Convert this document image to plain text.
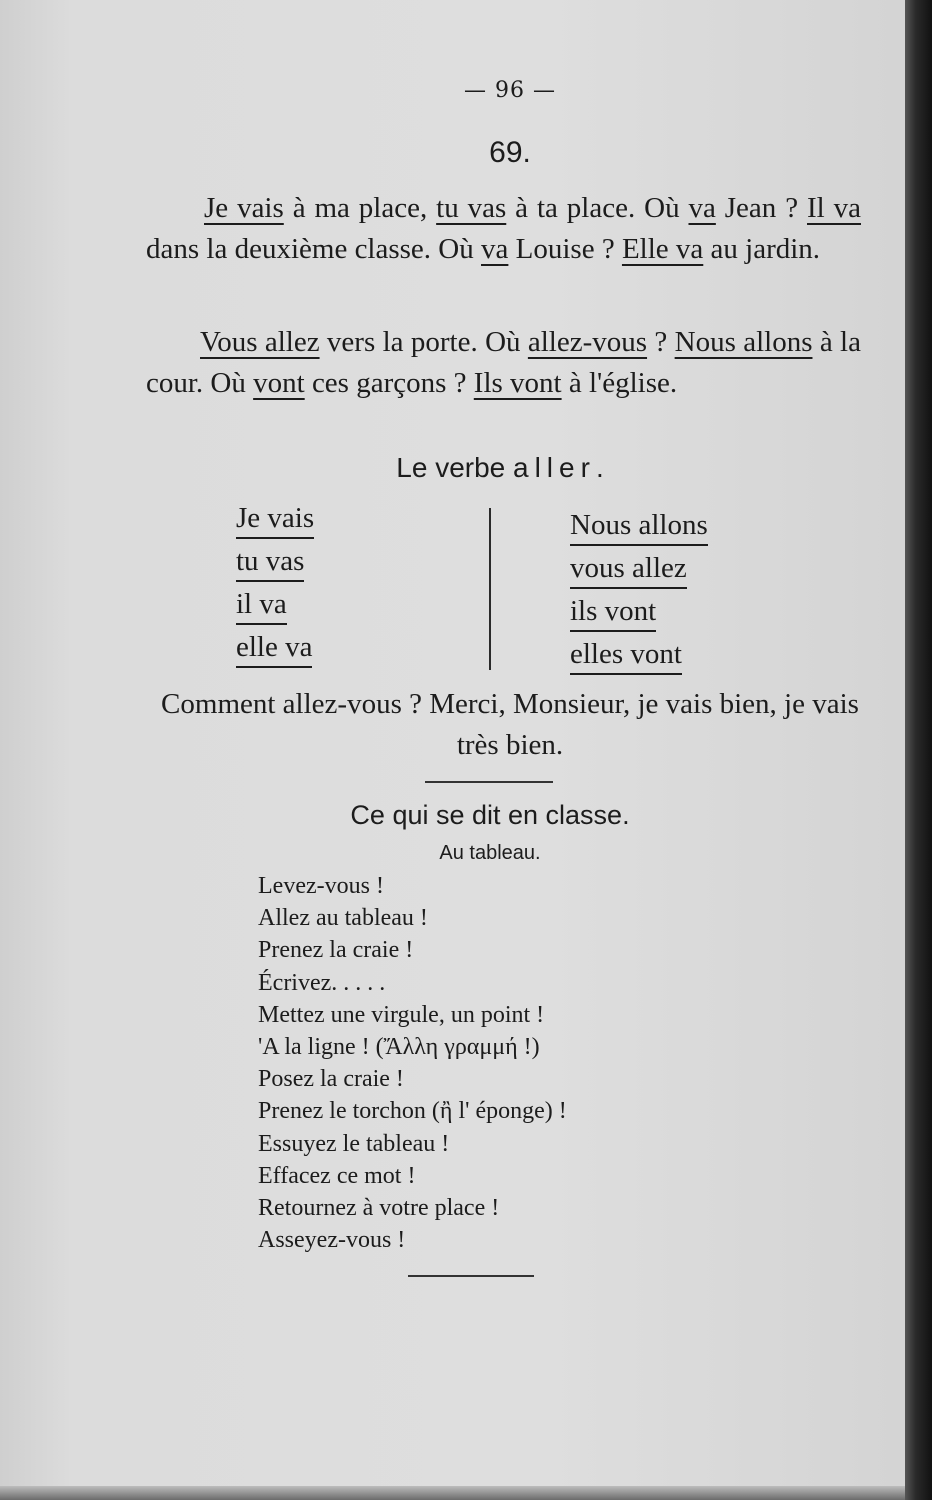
— 96 —
69.

Je vais à ma place, tu vas à ta place. Où va Jean ? Il va dans la deuxième classe. Où va Louise ? Elle va au jardin.

Vous allez vers la porte. Où allez-vous ? Nous allons à la cour. Où vont ces garçons ? Ils vont à l'église.

Le verbe aller.
Je vais
tu vas
il va
elle va
Nous allons
vous allez
ils vont
elles vont

Comment allez-vous ? Merci, Monsieur, je vais bien, je vais très bien.

Ce qui se dit en classe.
Au tableau.
Levez-vous !
Allez au tableau !
Prenez la craie !
Écrivez. . . . .
Mettez une virgule, un point !
'A la ligne ! (Ἄλλη γραμμή !)
Posez la craie !
Prenez le torchon (ἢ l' éponge) !
Essuyez le tableau !
Effacez ce mot !
Retournez à votre place !
Asseyez-vous !
